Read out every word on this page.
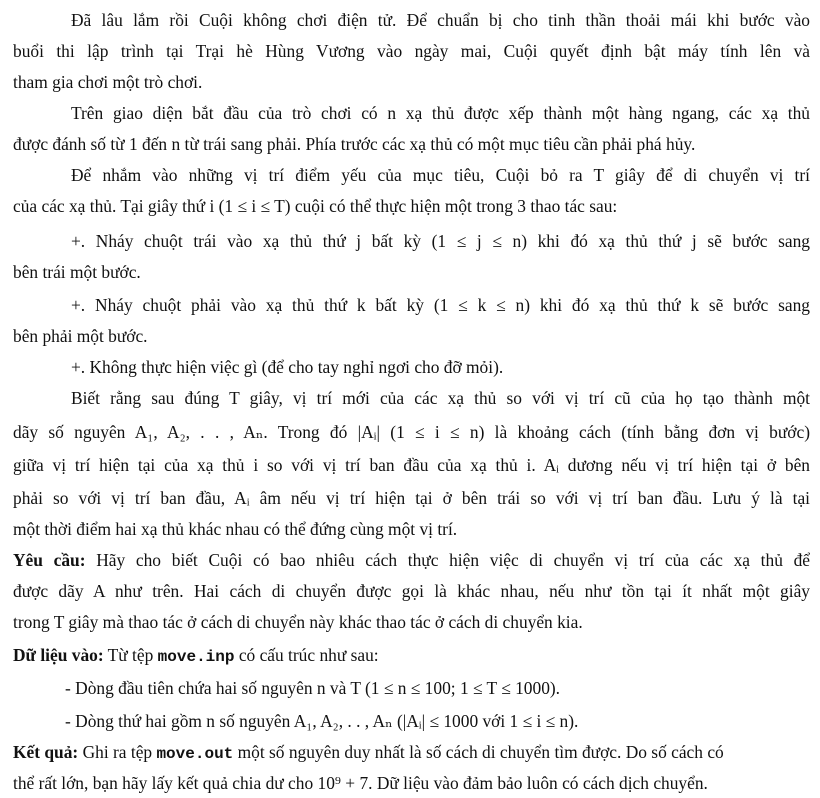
Đã lâu lắm rồi Cuội không chơi điện tử. Để chuẩn bị cho tinh thần thoải mái khi bước vào
buổi thi lập trình tại Trại hè Hùng Vương vào ngày mai, Cuội quyết định bật máy tính lên và
tham gia chơi một trò chơi.
Trên giao diện bắt đầu của trò chơi có n xạ thủ được xếp thành một hàng ngang, các xạ thủ
được đánh số từ 1 đến n từ trái sang phải. Phía trước các xạ thủ có một mục tiêu cần phải phá hủy.
Để nhắm vào những vị trí điểm yếu của mục tiêu, Cuội bỏ ra T giây để di chuyển vị trí
của các xạ thủ. Tại giây thứ i (1 ≤ i ≤ T) cuội có thể thực hiện một trong 3 thao tác sau:
+. Nháy chuột trái vào xạ thủ thứ j bất kỳ (1 ≤ j ≤ n) khi đó xạ thủ thứ j sẽ bước sang
bên trái một bước.
+. Nháy chuột phải vào xạ thủ thứ k bất kỳ (1 ≤ k ≤ n) khi đó xạ thủ thứ k sẽ bước sang
bên phải một bước.
+. Không thực hiện việc gì (để cho tay nghỉ ngơi cho đỡ mỏi).
Biết rằng sau đúng T giây, vị trí mới của các xạ thủ so với vị trí cũ của họ tạo thành một
dãy số nguyên A₁, A₂, . . , Aₙ. Trong đó |Aᵢ| (1 ≤ i ≤ n) là khoảng cách (tính bằng đơn vị bước)
giữa vị trí hiện tại của xạ thủ i so với vị trí ban đầu của xạ thủ i. Aᵢ dương nếu vị trí hiện tại ở bên
phải so với vị trí ban đầu, Aᵢ âm nếu vị trí hiện tại ở bên trái so với vị trí ban đầu. Lưu ý là tại
một thời điểm hai xạ thủ khác nhau có thể đứng cùng một vị trí.
Yêu cầu: Hãy cho biết Cuội có bao nhiêu cách thực hiện việc di chuyển vị trí của các xạ thủ để
được dãy A như trên. Hai cách di chuyển được gọi là khác nhau, nếu như tồn tại ít nhất một giây
trong T giây mà thao tác ở cách di chuyển này khác thao tác ở cách di chuyển kia.
Dữ liệu vào: Từ tệp move.inp có cấu trúc như sau:
- Dòng đầu tiên chứa hai số nguyên n và T (1 ≤ n ≤ 100; 1 ≤ T ≤ 1000).
- Dòng thứ hai gồm n số nguyên A₁, A₂, . . , Aₙ (|Aᵢ| ≤ 1000 với 1 ≤ i ≤ n).
Kết quả: Ghi ra tệp move.out một số nguyên duy nhất là số cách di chuyển tìm được. Do số cách có
thể rất lớn, bạn hãy lấy kết quả chia dư cho 10⁹ + 7. Dữ liệu vào đảm bảo luôn có cách dịch chuyển.
